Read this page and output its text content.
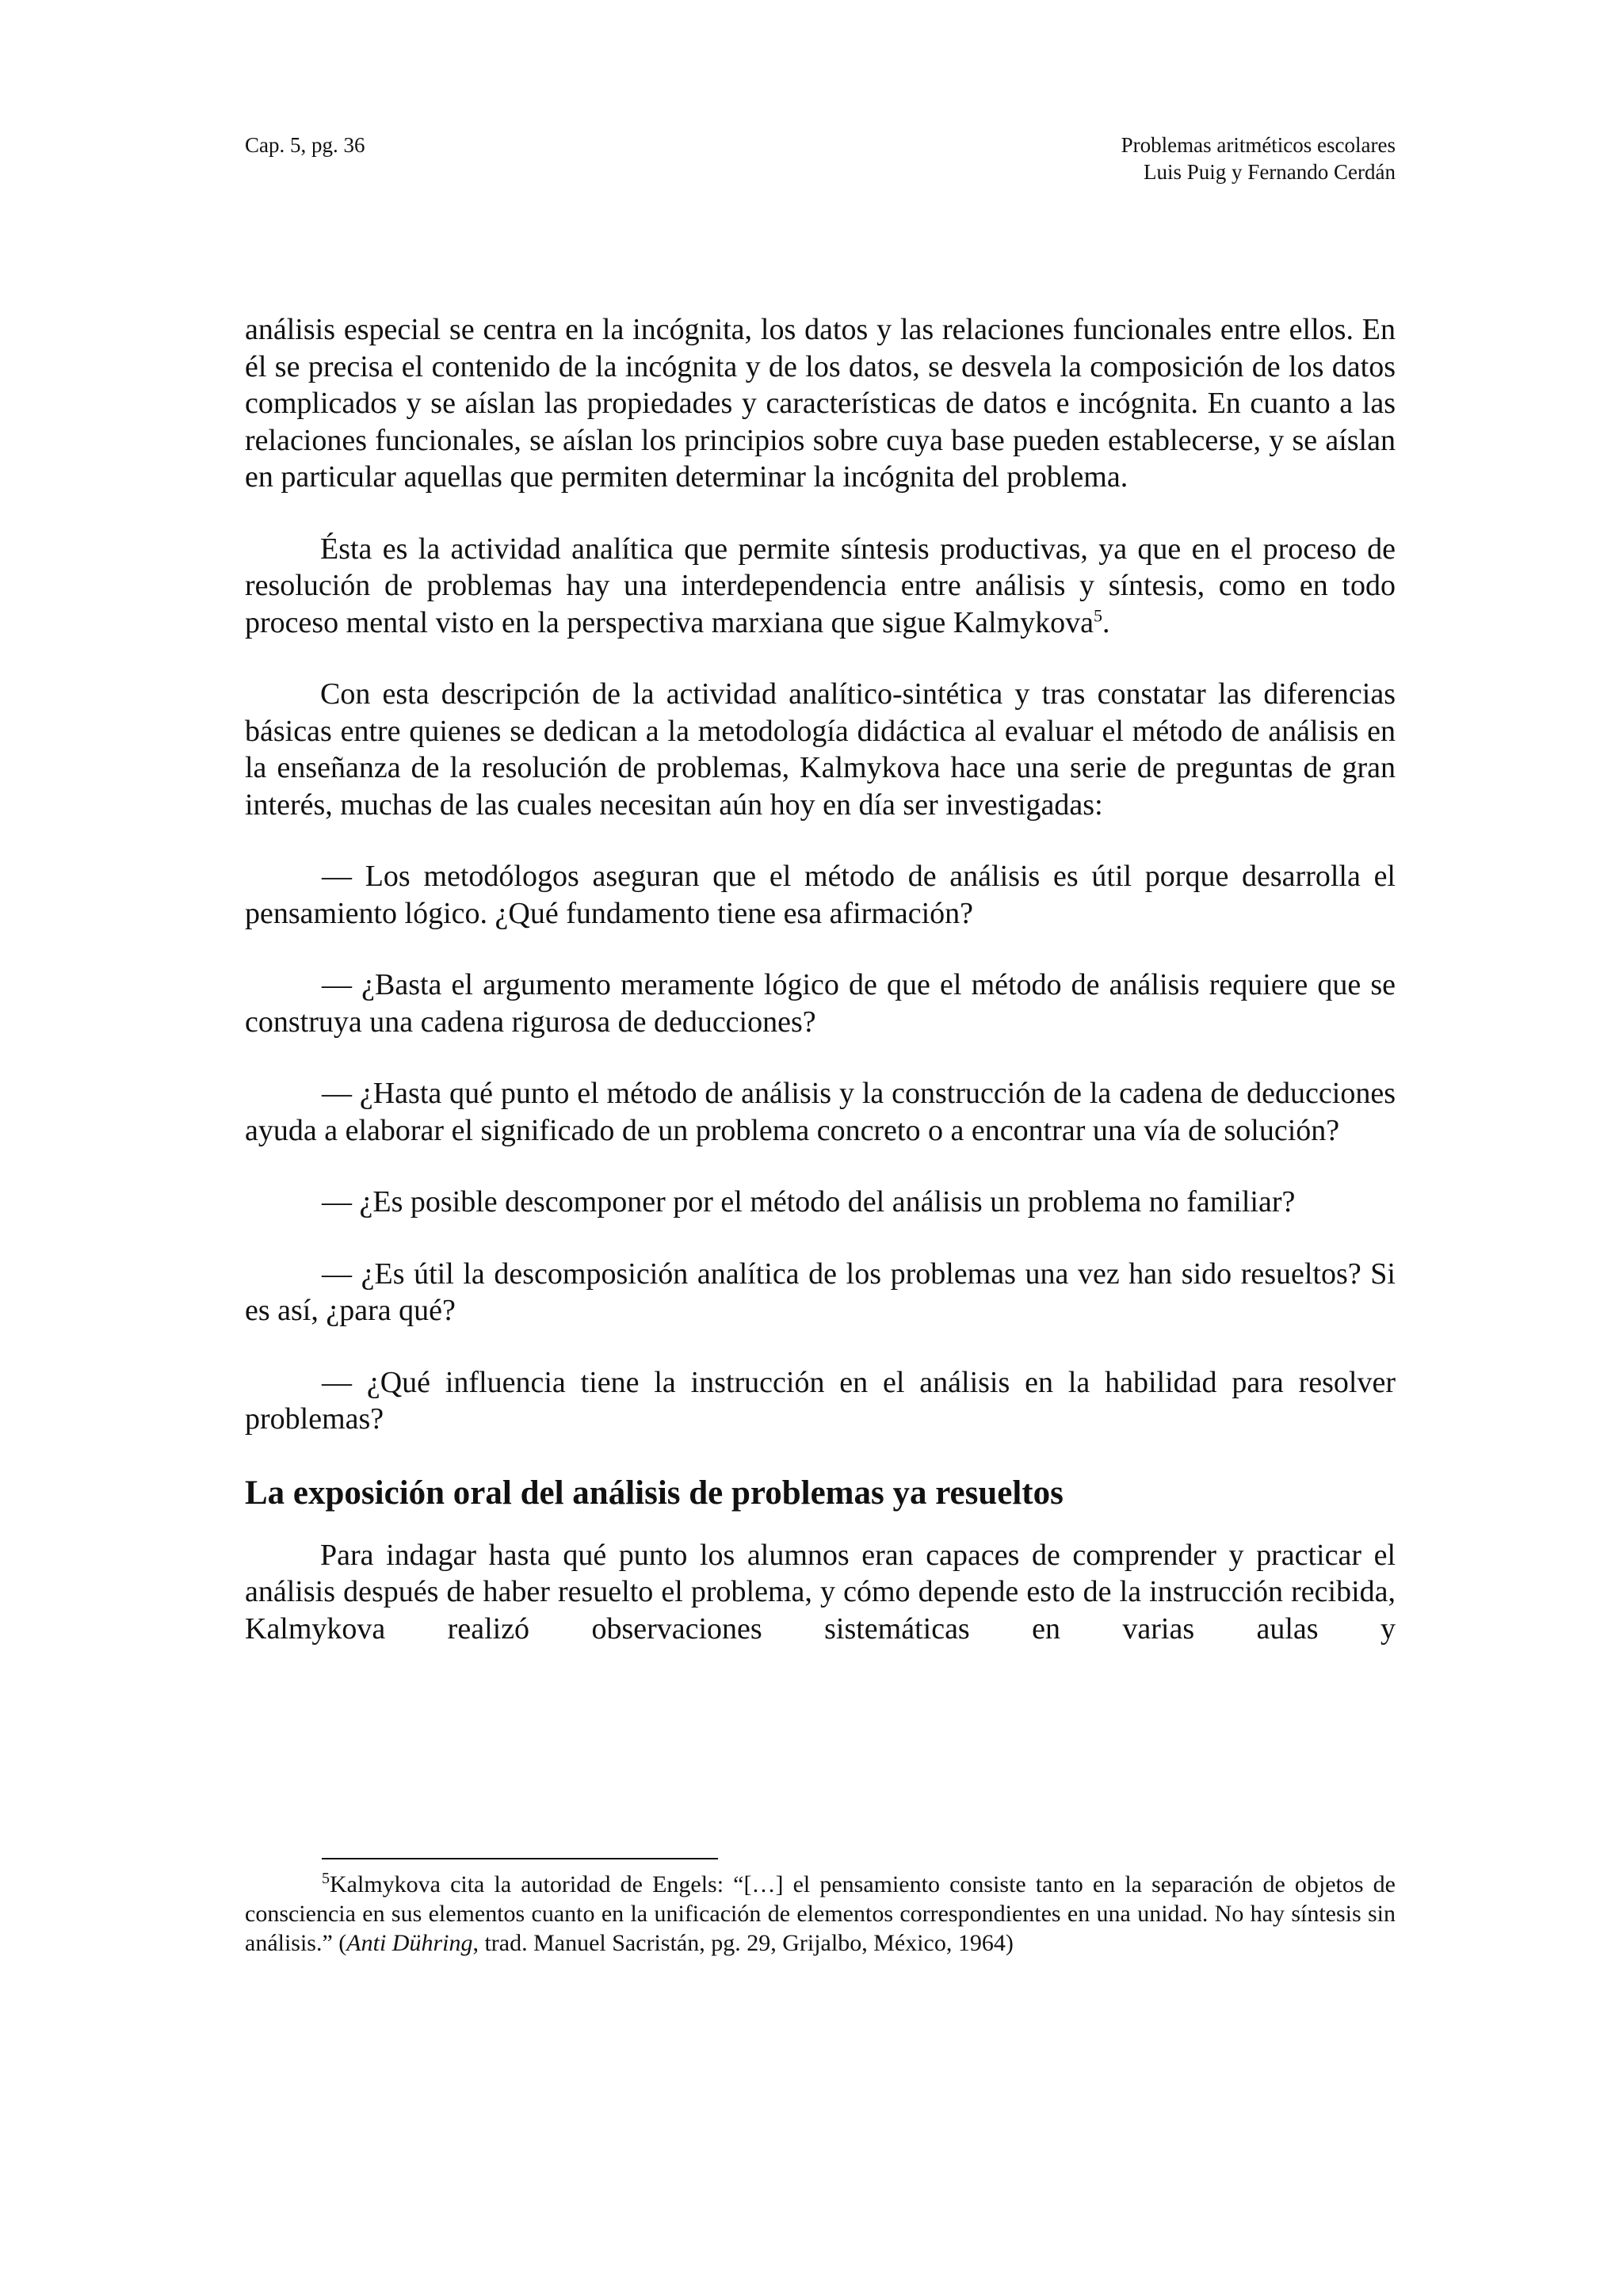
Cap. 5, pg. 36	Problemas aritméticos escolares
Luis Puig y Fernando Cerdán

análisis especial se centra en la incógnita, los datos y las relaciones funcionales entre ellos. En él se precisa el contenido de la incógnita y de los datos, se desvela la composición de los datos complicados y se aíslan las propiedades y características de datos e incógnita. En cuanto a las relaciones funcionales, se aíslan los principios sobre cuya base pueden establecerse, y se aíslan en particular aquellas que permiten determinar la incógnita del problema.

Ésta es la actividad analítica que permite síntesis productivas, ya que en el proceso de resolución de problemas hay una interdependencia entre análisis y síntesis, como en todo proceso mental visto en la perspectiva marxiana que sigue Kalmykova$^5$.

Con esta descripción de la actividad analítico-sintética y tras constatar las diferencias básicas entre quienes se dedican a la metodología didáctica al evaluar el método de análisis en la enseñanza de la resolución de problemas, Kalmykova hace una serie de preguntas de gran interés, muchas de las cuales necesitan aún hoy en día ser investigadas:

— Los metodólogos aseguran que el método de análisis es útil porque desarrolla el pensamiento lógico. ¿Qué fundamento tiene esa afirmación?

— ¿Basta el argumento meramente lógico de que el método de análisis requiere que se construya una cadena rigurosa de deducciones?

— ¿Hasta qué punto el método de análisis y la construcción de la cadena de deducciones ayuda a elaborar el significado de un problema concreto o a encontrar una vía de solución?

— ¿Es posible descomponer por el método del análisis un problema no familiar?

— ¿Es útil la descomposición analítica de los problemas una vez han sido resueltos? Si es así, ¿para qué?

— ¿Qué influencia tiene la instrucción en el análisis en la habilidad para resolver problemas?

La exposición oral del análisis de problemas ya resueltos

Para indagar hasta qué punto los alumnos eran capaces de comprender y practicar el análisis después de haber resuelto el problema, y cómo depende esto de la instrucción recibida, Kalmykova realizó observaciones sistemáticas en varias aulas y

$^5$Kalmykova cita la autoridad de Engels: “[…] el pensamiento consiste tanto en la separación de objetos de consciencia en sus elementos cuanto en la unificación de elementos correspondientes en una unidad. No hay síntesis sin análisis.” (Anti Dühring, trad. Manuel Sacristán, pg. 29, Grijalbo, México, 1964)
